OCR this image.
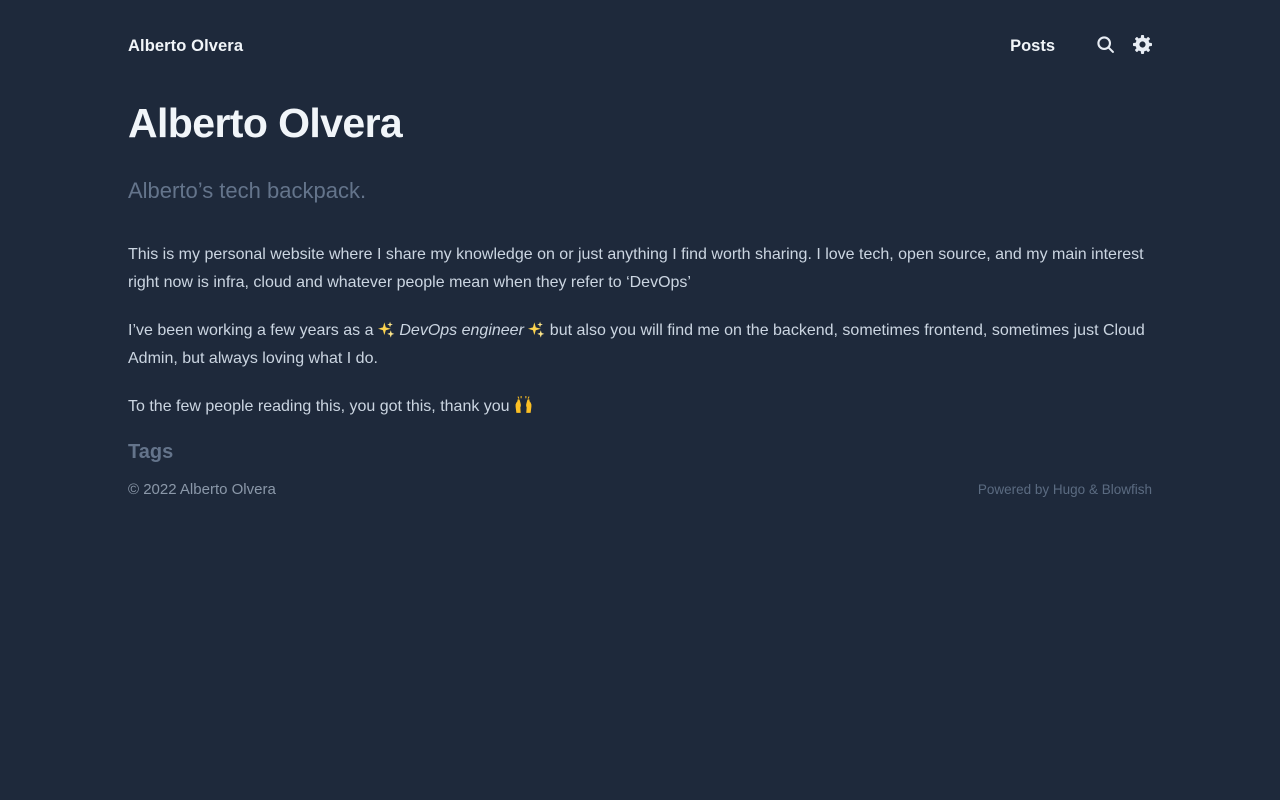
Alberto Olvera	Posts
Alberto Olvera
Alberto’s tech backpack.

This is my personal website where I share my knowledge on or just anything I find worth sharing. I love tech, open source, and my main interest right now is infra, cloud and whatever people mean when they refer to ‘DevOps’

I’ve been working a few years as a DevOps engineer but also you will find me on the backend, sometimes frontend, sometimes just Cloud Admin, but always loving what I do.

To the few people reading this, you got this, thank you

Tags
© 2022 Alberto Olvera	Powered by Hugo & Blowfish
